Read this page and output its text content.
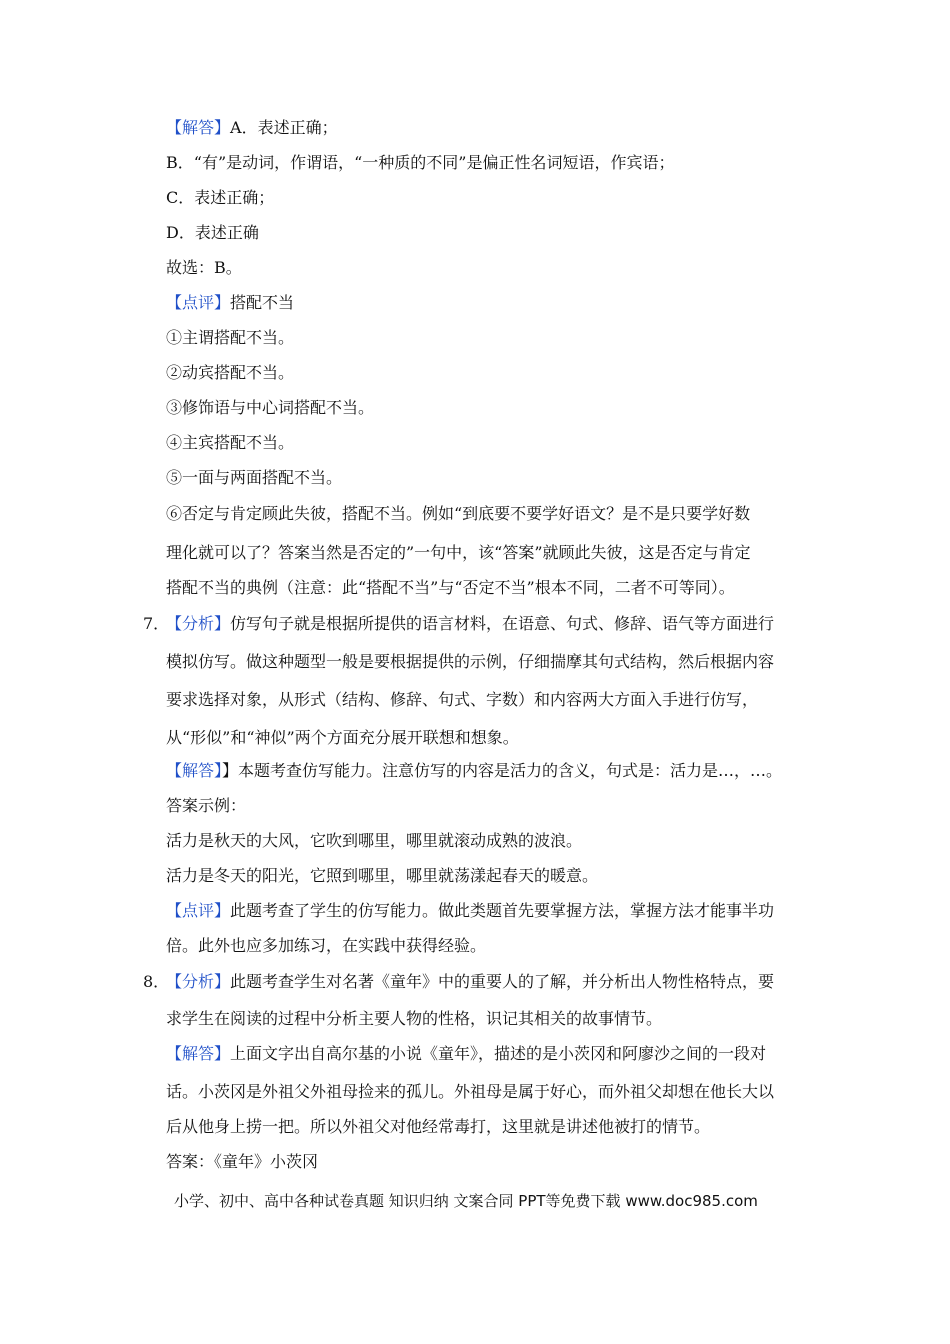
【解答】A．表述正确；
B．“有”是动词，作谓语，“一种质的不同”是偏正性名词短语，作宾语；
C．表述正确；
D．表述正确
故选：B。
【点评】搭配不当
①主谓搭配不当。
②动宾搭配不当。
③修饰语与中心词搭配不当。
④主宾搭配不当。
⑤一面与两面搭配不当。
⑥否定与肯定顾此失彼，搭配不当。例如“到底要不要学好语文？是不是只要学好数
理化就可以了？答案当然是否定的”一句中，该“答案”就顾此失彼，这是否定与肯定
搭配不当的典例（注意：此“搭配不当”与“否定不当”根本不同，二者不可等同）。
7．
【分析】仿写句子就是根据所提供的语言材料，在语意、句式、修辞、语气等方面进行
模拟仿写。做这种题型一般是要根据提供的示例，仔细揣摩其句式结构，然后根据内容
要求选择对象，从形式（结构、修辞、句式、字数）和内容两大方面入手进行仿写，
从“形似”和“神似”两个方面充分展开联想和想象。
【解答】】本题考查仿写能力。注意仿写的内容是活力的含义，句式是：活力是…，…。
答案示例：
活力是秋天的大风，它吹到哪里，哪里就滚动成熟的波浪。
活力是冬天的阳光，它照到哪里，哪里就荡漾起春天的暖意。
【点评】此题考查了学生的仿写能力。做此类题首先要掌握方法，掌握方法才能事半功
倍。此外也应多加练习，在实践中获得经验。
8．
【分析】此题考查学生对名著《童年》中的重要人的了解，并分析出人物性格特点，要
求学生在阅读的过程中分析主要人物的性格，识记其相关的故事情节。
【解答】上面文字出自高尔基的小说《童年》，描述的是小茨冈和阿廖沙之间的一段对
话。小茨冈是外祖父外祖母捡来的孤儿。外祖母是属于好心，而外祖父却想在他长大以
后从他身上捞一把。所以外祖父对他经常毒打，这里就是讲述他被打的情节。
答案：《童年》小茨冈
小学、初中、高中各种试卷真题 知识归纳 文案合同 PPT等免费下载 www.doc985.com
